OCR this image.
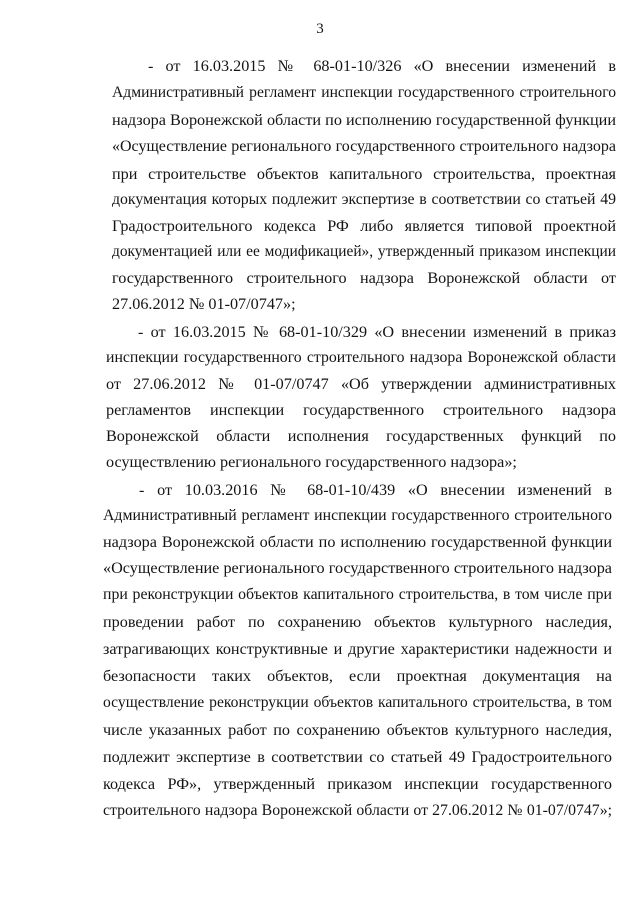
3
- от 16.03.2015 № 68-01-10/326 «О внесении изменений в
Административный регламент инспекции государственного строительного
надзора Воронежской области по исполнению государственной функции
«Осуществление регионального государственного строительного надзора
при строительстве объектов капитального строительства, проектная
документация которых подлежит экспертизе в соответствии со статьей 49
Градостроительного кодекса РФ либо является типовой проектной
документацией или ее модификацией», утвержденный приказом инспекции
государственного строительного надзора Воронежской области от
27.06.2012 № 01-07/0747»;
- от 16.03.2015 № 68-01-10/329 «О внесении изменений в приказ
инспекции государственного строительного надзора Воронежской области
от 27.06.2012 № 01-07/0747 «Об утверждении административных
регламентов инспекции государственного строительного надзора
Воронежской области исполнения государственных функций по
осуществлению регионального государственного надзора»;
- от 10.03.2016 № 68-01-10/439 «О внесении изменений в
Административный регламент инспекции государственного строительного
надзора Воронежской области по исполнению государственной функции
«Осуществление регионального государственного строительного надзора
при реконструкции объектов капитального строительства, в том числе при
проведении работ по сохранению объектов культурного наследия,
затрагивающих конструктивные и другие характеристики надежности и
безопасности таких объектов, если проектная документация на
осуществление реконструкции объектов капитального строительства, в том
числе указанных работ по сохранению объектов культурного наследия,
подлежит экспертизе в соответствии со статьей 49 Градостроительного
кодекса РФ», утвержденный приказом инспекции государственного
строительного надзора Воронежской области от 27.06.2012 № 01-07/0747»;
